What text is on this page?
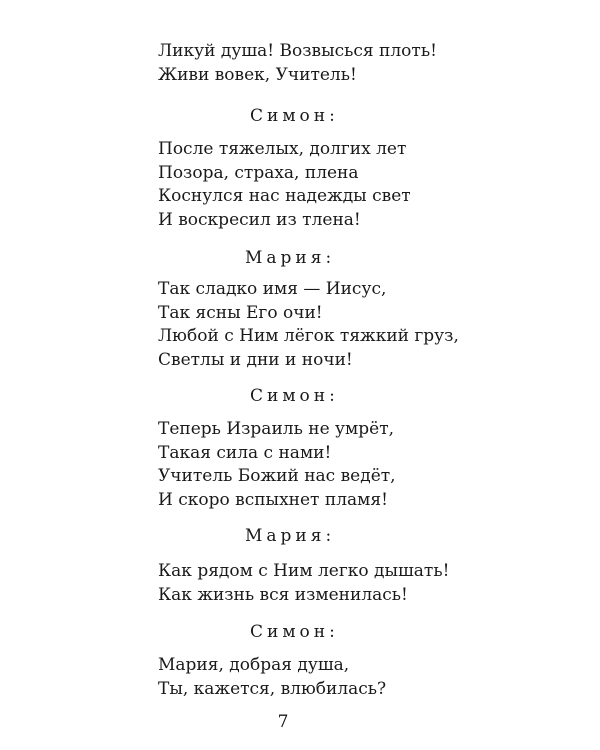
Ликуй душа! Возвысься плоть!
Живи вовек, Учитель!
Симон:
После тяжелых, долгих лет
Позора, страха, плена
Коснулся нас надежды свет
И воскресил из тлена!
Мария:
Так сладко имя — Иисус,
Так ясны Его очи!
Любой с Ним лёгок тяжкий груз,
Светлы и дни и ночи!
Симон:
Теперь Израиль не умрёт,
Такая сила с нами!
Учитель Божий нас ведёт,
И скоро вспыхнет пламя!
Мария:
Как рядом с Ним легко дышать!
Как жизнь вся изменилась!
Симон:
Мария, добрая душа,
Ты, кажется, влюбилась?

7
